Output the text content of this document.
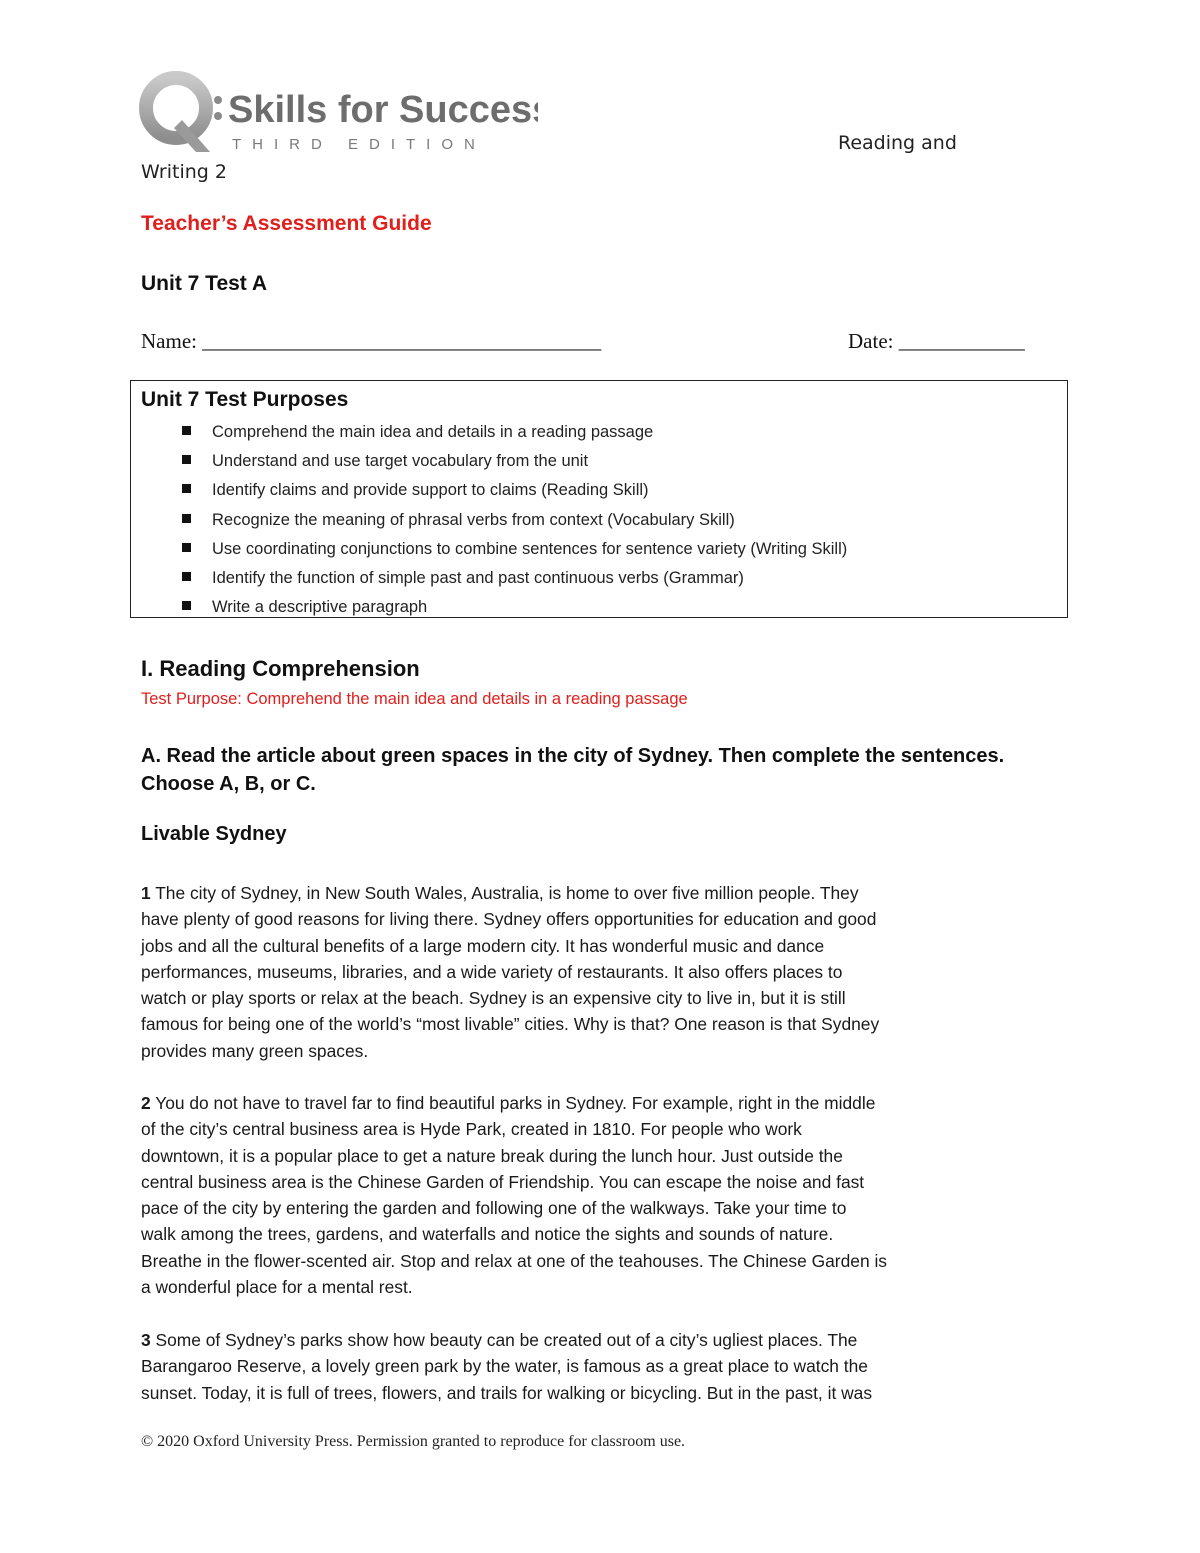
Skills for Success
THIRD EDITION	Reading and
Writing 2
Teacher’s Assessment Guide
Unit 7 Test A
Name: ______________________________________	Date: ____________
Unit 7 Test Purposes
Comprehend the main idea and details in a reading passage
Understand and use target vocabulary from the unit
Identify claims and provide support to claims (Reading Skill)
Recognize the meaning of phrasal verbs from context (Vocabulary Skill)
Use coordinating conjunctions to combine sentences for sentence variety (Writing Skill)
Identify the function of simple past and past continuous verbs (Grammar)
Write a descriptive paragraph
I. Reading Comprehension
Test Purpose: Comprehend the main idea and details in a reading passage
A. Read the article about green spaces in the city of Sydney. Then complete the sentences.
Choose A, B, or C.
Livable Sydney
1 The city of Sydney, in New South Wales, Australia, is home to over five million people. They
have plenty of good reasons for living there. Sydney offers opportunities for education and good
jobs and all the cultural benefits of a large modern city. It has wonderful music and dance
performances, museums, libraries, and a wide variety of restaurants. It also offers places to
watch or play sports or relax at the beach. Sydney is an expensive city to live in, but it is still
famous for being one of the world’s “most livable” cities. Why is that? One reason is that Sydney
provides many green spaces.
2 You do not have to travel far to find beautiful parks in Sydney. For example, right in the middle
of the city’s central business area is Hyde Park, created in 1810. For people who work
downtown, it is a popular place to get a nature break during the lunch hour. Just outside the
central business area is the Chinese Garden of Friendship. You can escape the noise and fast
pace of the city by entering the garden and following one of the walkways. Take your time to
walk among the trees, gardens, and waterfalls and notice the sights and sounds of nature.
Breathe in the flower-scented air. Stop and relax at one of the teahouses. The Chinese Garden is
a wonderful place for a mental rest.
3 Some of Sydney’s parks show how beauty can be created out of a city’s ugliest places. The
Barangaroo Reserve, a lovely green park by the water, is famous as a great place to watch the
sunset. Today, it is full of trees, flowers, and trails for walking or bicycling. But in the past, it was
© 2020 Oxford University Press. Permission granted to reproduce for classroom use.
